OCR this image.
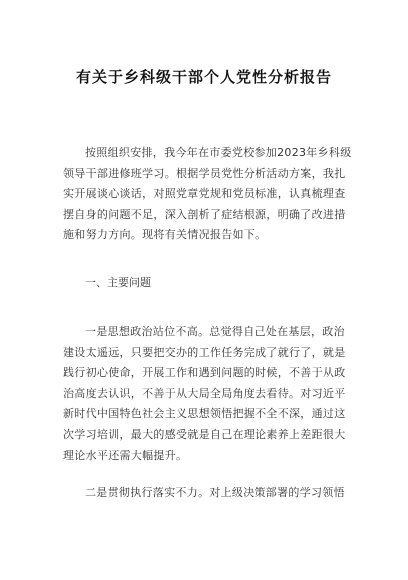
有关于乡科级干部个人党性分析报告
按照组织安排，我今年在市委党校参加2023年乡科级
领导干部进修班学习。根据学员党性分析活动方案，我扎
实开展谈心谈话，对照党章党规和党员标准，认真梳理查
摆自身的问题不足，深入剖析了症结根源，明确了改进措
施和努力方向。现将有关情况报告如下。
一、主要问题
一是思想政治站位不高。总觉得自己处在基层，政治
建设太遥远，只要把交办的工作任务完成了就行了，就是
践行初心使命，开展工作和遇到问题的时候，不善于从政
治高度去认识，不善于从大局全局角度去看待。对习近平
新时代中国特色社会主义思想领悟把握不全不深，通过这
次学习培训，最大的感受就是自己在理论素养上差距很大
理论水平还需大幅提升。
二是贯彻执行落实不力。对上级决策部署的学习领悟
